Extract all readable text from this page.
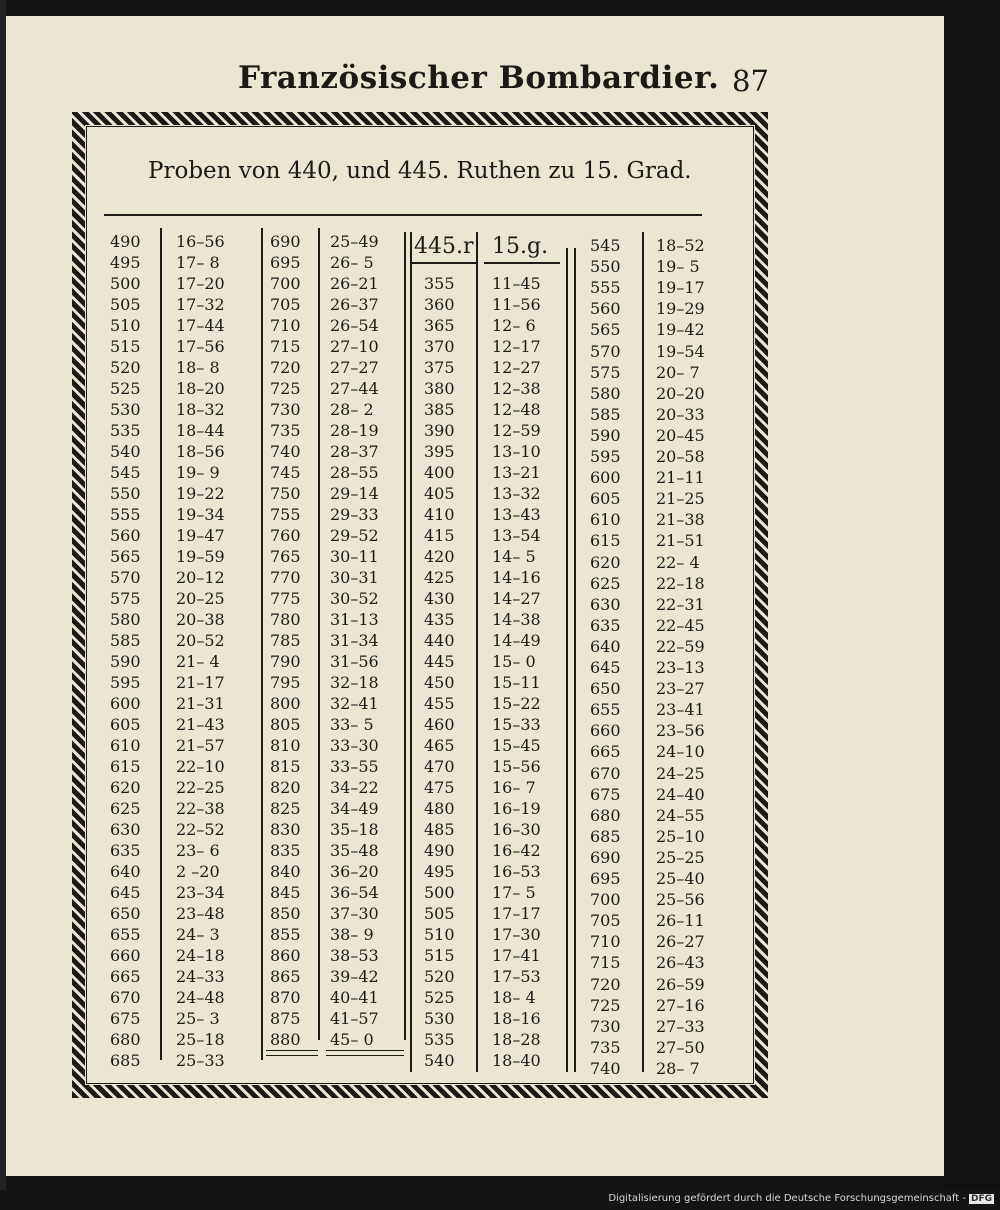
Französischer Bombardier. 87
Proben von 440, und 445. Ruthen zu 15. Grad.
445.r 15.g.
490
495
500
505
510
515
520
525
530
535
540
545
550
555
560
565
570
575
580
585
590
595
600
605
610
615
620
625
630
635
640
645
650
655
660
665
670
675
680
685
16–56
17– 8
17–20
17–32
17–44
17–56
18– 8
18–20
18–32
18–44
18–56
19– 9
19–22
19–34
19–47
19–59
20–12
20–25
20–38
20–52
21– 4
21–17
21–31
21–43
21–57
22–10
22–25
22–38
22–52
23– 6
2 –20
23–34
23–48
24– 3
24–18
24–33
24–48
25– 3
25–18
25–33
690
695
700
705
710
715
720
725
730
735
740
745
750
755
760
765
770
775
780
785
790
795
800
805
810
815
820
825
830
835
840
845
850
855
860
865
870
875
880
25–49
26– 5
26–21
26–37
26–54
27–10
27–27
27–44
28– 2
28–19
28–37
28–55
29–14
29–33
29–52
30–11
30–31
30–52
31–13
31–34
31–56
32–18
32–41
33– 5
33–30
33–55
34–22
34–49
35–18
35–48
36–20
36–54
37–30
38– 9
38–53
39–42
40–41
41–57
45– 0
355
360
365
370
375
380
385
390
395
400
405
410
415
420
425
430
435
440
445
450
455
460
465
470
475
480
485
490
495
500
505
510
515
520
525
530
535
540
11–45
11–56
12– 6
12–17
12–27
12–38
12–48
12–59
13–10
13–21
13–32
13–43
13–54
14– 5
14–16
14–27
14–38
14–49
15– 0
15–11
15–22
15–33
15–45
15–56
16– 7
16–19
16–30
16–42
16–53
17– 5
17–17
17–30
17–41
17–53
18– 4
18–16
18–28
18–40
545
550
555
560
565
570
575
580
585
590
595
600
605
610
615
620
625
630
635
640
645
650
655
660
665
670
675
680
685
690
695
700
705
710
715
720
725
730
735
740
18–52
19– 5
19–17
19–29
19–42
19–54
20– 7
20–20
20–33
20–45
20–58
21–11
21–25
21–38
21–51
22– 4
22–18
22–31
22–45
22–59
23–13
23–27
23–41
23–56
24–10
24–25
24–40
24–55
25–10
25–25
25–40
25–56
26–11
26–27
26–43
26–59
27–16
27–33
27–50
28– 7
Digitalisierung gefördert durch die Deutsche Forschungsgemeinschaft - DFG
